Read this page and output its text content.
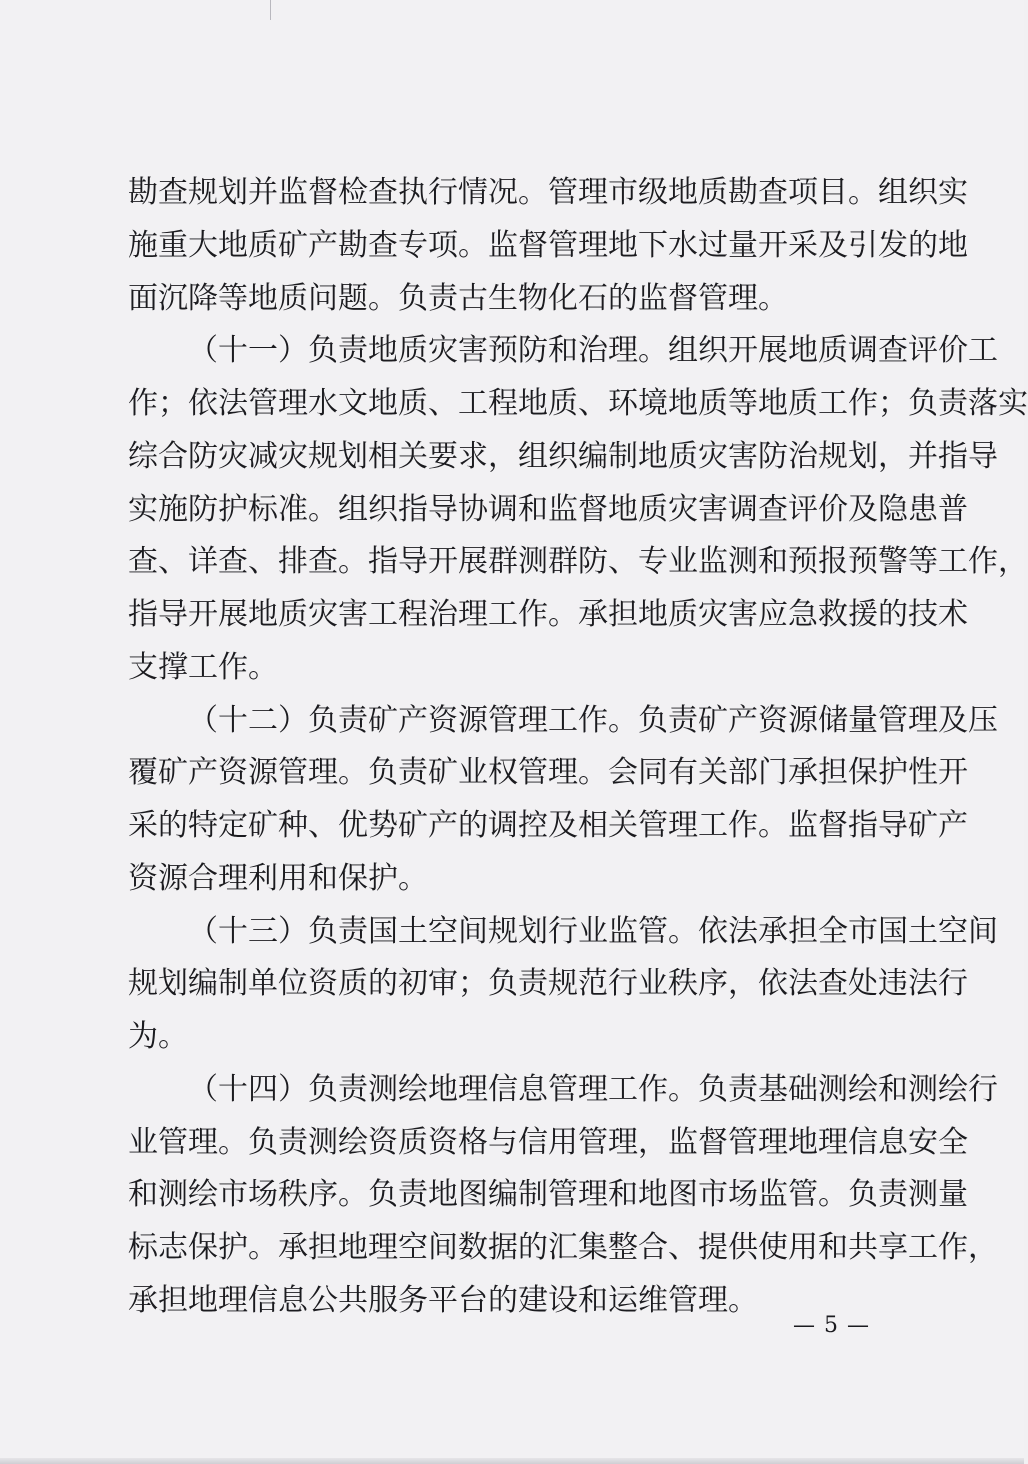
勘查规划并监督检查执行情况。管理市级地质勘查项目。组织实
施重大地质矿产勘查专项。监督管理地下水过量开采及引发的地
面沉降等地质问题。负责古生物化石的监督管理。
（十一）负责地质灾害预防和治理。组织开展地质调查评价工
作；依法管理水文地质、工程地质、环境地质等地质工作；负责落实
综合防灾减灾规划相关要求，组织编制地质灾害防治规划，并指导
实施防护标准。组织指导协调和监督地质灾害调查评价及隐患普
查、详查、排查。指导开展群测群防、专业监测和预报预警等工作，
指导开展地质灾害工程治理工作。承担地质灾害应急救援的技术
支撑工作。
（十二）负责矿产资源管理工作。负责矿产资源储量管理及压
覆矿产资源管理。负责矿业权管理。会同有关部门承担保护性开
采的特定矿种、优势矿产的调控及相关管理工作。监督指导矿产
资源合理利用和保护。
（十三）负责国土空间规划行业监管。依法承担全市国土空间
规划编制单位资质的初审；负责规范行业秩序，依法查处违法行
为。
（十四）负责测绘地理信息管理工作。负责基础测绘和测绘行
业管理。负责测绘资质资格与信用管理，监督管理地理信息安全
和测绘市场秩序。负责地图编制管理和地图市场监管。负责测量
标志保护。承担地理空间数据的汇集整合、提供使用和共享工作，
承担地理信息公共服务平台的建设和运维管理。
— 5 —
